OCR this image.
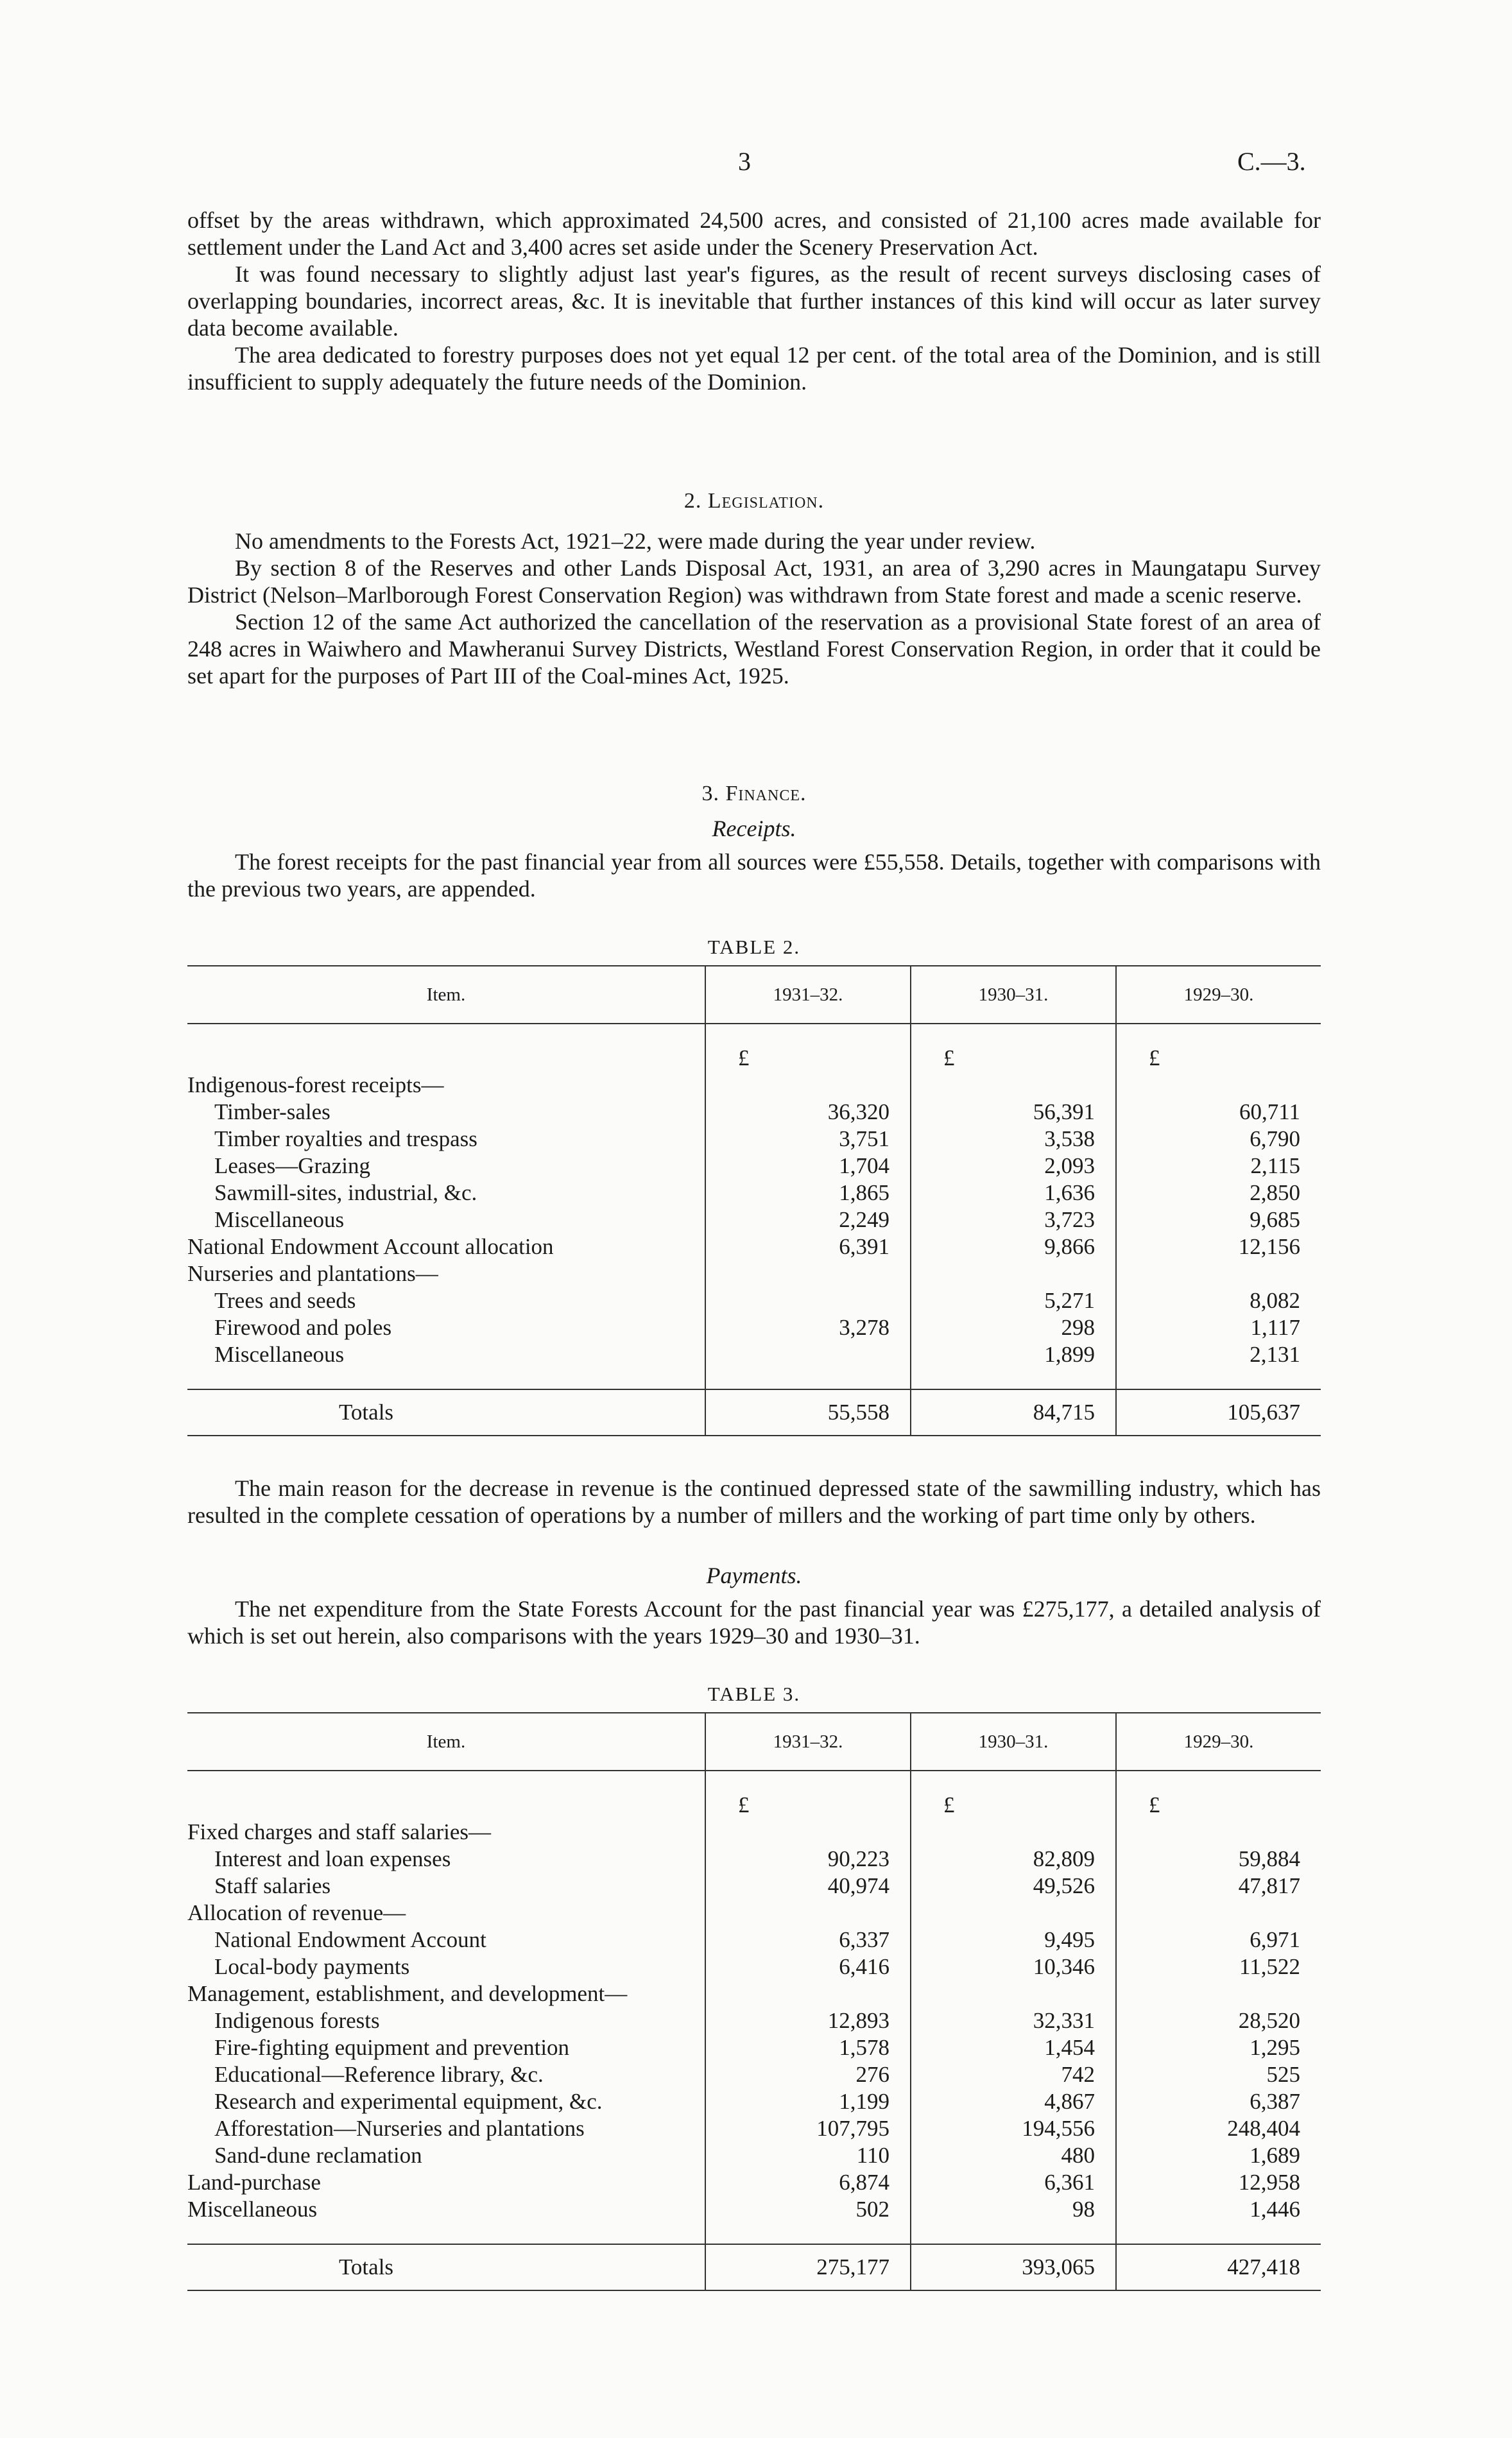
3	C.—3.

offset by the areas withdrawn, which approximated 24,500 acres, and consisted of 21,100 acres made available for settlement under the Land Act and 3,400 acres set aside under the Scenery Preservation Act.

It was found necessary to slightly adjust last year's figures, as the result of recent surveys disclosing cases of overlapping boundaries, incorrect areas, &c. It is inevitable that further instances of this kind will occur as later survey data become available.

The area dedicated to forestry purposes does not yet equal 12 per cent. of the total area of the Dominion, and is still insufficient to supply adequately the future needs of the Dominion.

2. Legislation.

No amendments to the Forests Act, 1921–22, were made during the year under review.

By section 8 of the Reserves and other Lands Disposal Act, 1931, an area of 3,290 acres in Maungatapu Survey District (Nelson–Marlborough Forest Conservation Region) was withdrawn from State forest and made a scenic reserve.

Section 12 of the same Act authorized the cancellation of the reservation as a provisional State forest of an area of 248 acres in Waiwhero and Mawheranui Survey Districts, Westland Forest Conservation Region, in order that it could be set apart for the purposes of Part III of the Coal-mines Act, 1925.

3. Finance.
Receipts.

The forest receipts for the past financial year from all sources were £55,558. Details, together with comparisons with the previous two years, are appended.

TABLE 2.
Item.	1931–32.	1930–31.	1929–30.

	£	£	£
Indigenous-forest receipts—			
Timber-sales	36,320	56,391	60,711
Timber royalties and trespass	3,751	3,538	6,790
Leases—Grazing	1,704	2,093	2,115
Sawmill-sites, industrial, &c.	1,865	1,636	2,850
Miscellaneous	2,249	3,723	9,685
National Endowment Account allocation	6,391	9,866	12,156
Nurseries and plantations—			
Trees and seeds		5,271	8,082
Firewood and poles	3,278	298	1,117
Miscellaneous		1,899	2,131

Totals	55,558	84,715	105,637

The main reason for the decrease in revenue is the continued depressed state of the sawmilling industry, which has resulted in the complete cessation of operations by a number of millers and the working of part time only by others.

Payments.

The net expenditure from the State Forests Account for the past financial year was £275,177, a detailed analysis of which is set out herein, also comparisons with the years 1929–30 and 1930–31.

TABLE 3.
Item.	1931–32.	1930–31.	1929–30.

	£	£	£
Fixed charges and staff salaries—			
Interest and loan expenses	90,223	82,809	59,884
Staff salaries	40,974	49,526	47,817
Allocation of revenue—			
National Endowment Account	6,337	9,495	6,971
Local-body payments	6,416	10,346	11,522
Management, establishment, and development—			
Indigenous forests	12,893	32,331	28,520
Fire-fighting equipment and prevention	1,578	1,454	1,295
Educational—Reference library, &c.	276	742	525
Research and experimental equipment, &c.	1,199	4,867	6,387
Afforestation—Nurseries and plantations	107,795	194,556	248,404
Sand-dune reclamation	110	480	1,689
Land-purchase	6,874	6,361	12,958
Miscellaneous	502	98	1,446

Totals	275,177	393,065	427,418
